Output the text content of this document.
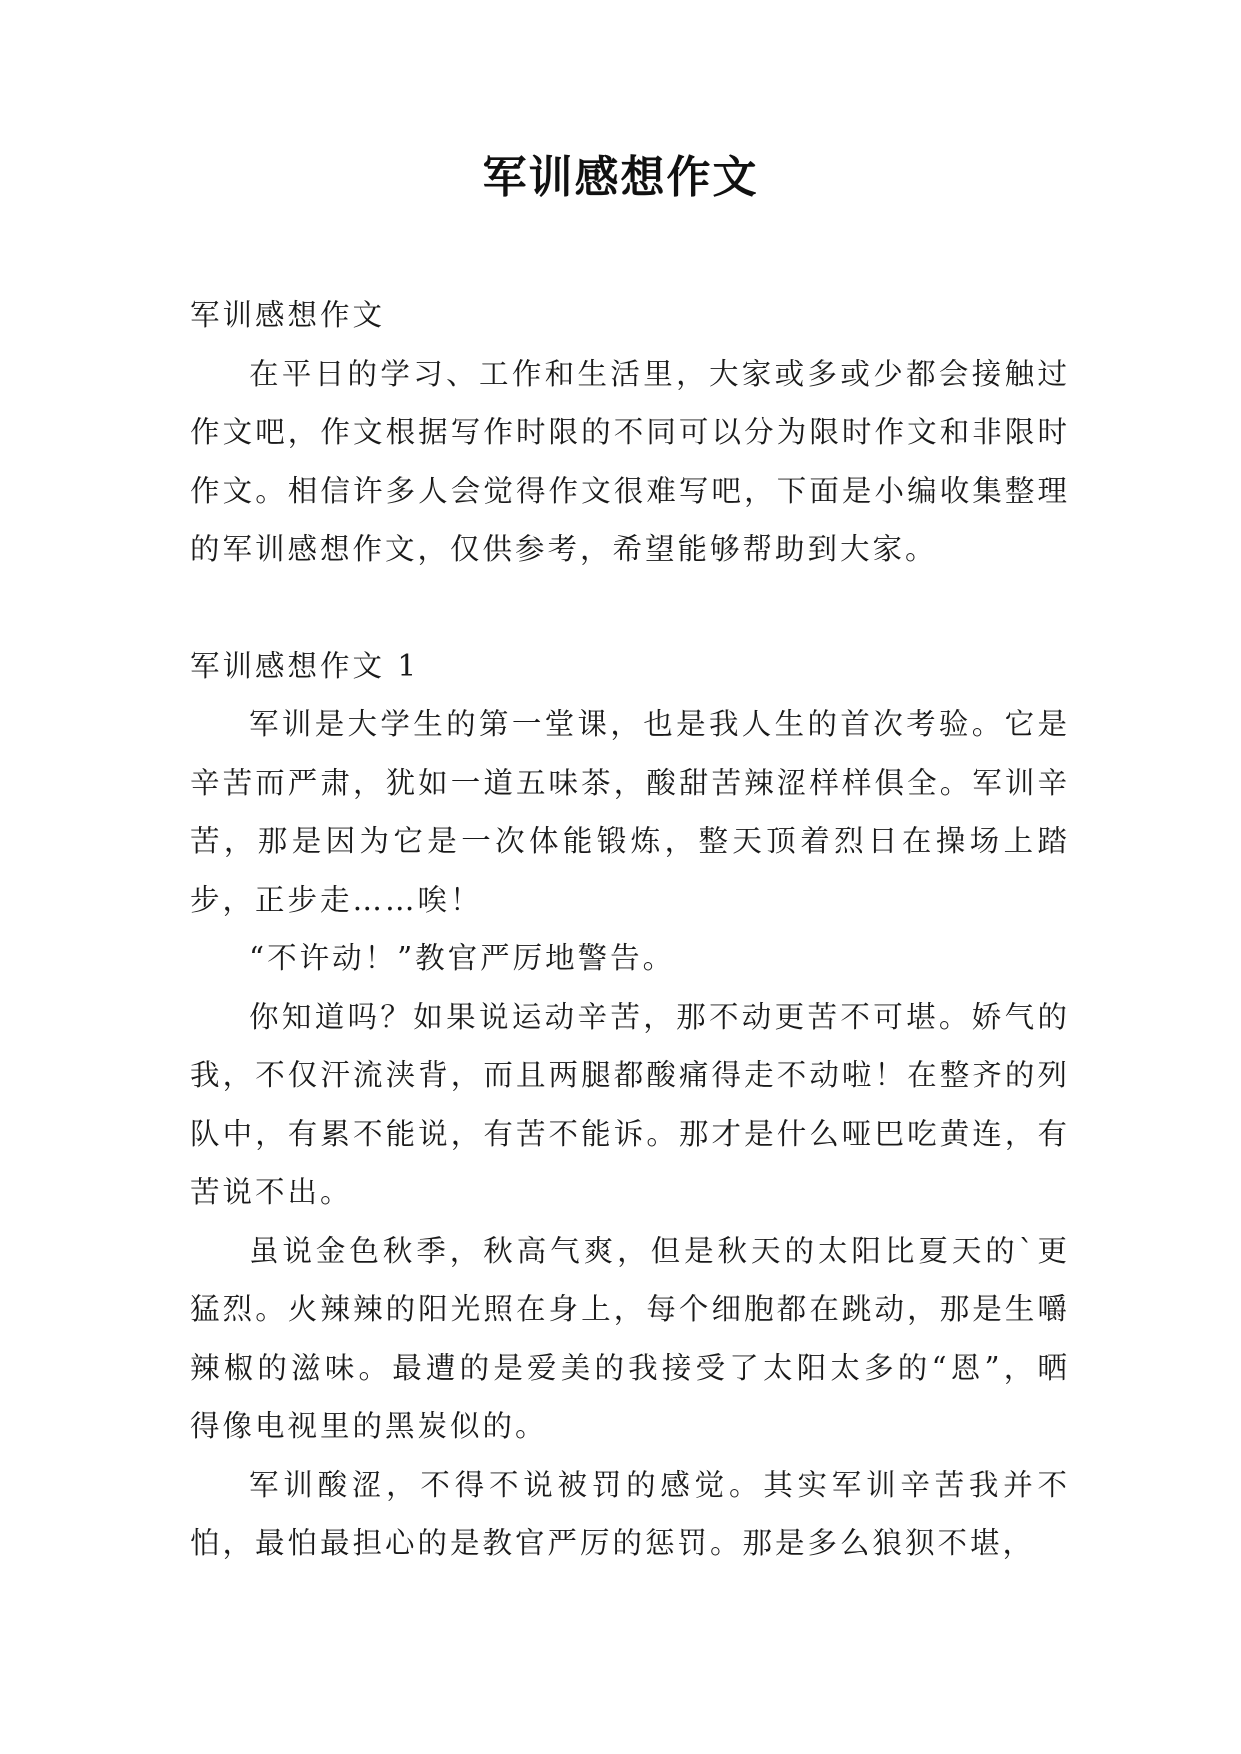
军训感想作文

军训感想作文

在平日的学习、工作和生活里，大家或多或少都会接触过作文吧，作文根据写作时限的不同可以分为限时作文和非限时作文。相信许多人会觉得作文很难写吧，下面是小编收集整理的军训感想作文，仅供参考，希望能够帮助到大家。

军训感想作文 1

军训是大学生的第一堂课，也是我人生的首次考验。它是辛苦而严肃，犹如一道五味茶，酸甜苦辣涩样样俱全。军训辛苦，那是因为它是一次体能锻炼，整天顶着烈日在操场上踏步，正步走……唉！

“不许动！”教官严厉地警告。

你知道吗？如果说运动辛苦，那不动更苦不可堪。娇气的我，不仅汗流浃背，而且两腿都酸痛得走不动啦！在整齐的列队中，有累不能说，有苦不能诉。那才是什么哑巴吃黄连，有苦说不出。

虽说金色秋季，秋高气爽，但是秋天的太阳比夏天的`更猛烈。火辣辣的阳光照在身上，每个细胞都在跳动，那是生嚼辣椒的滋味。最遭的是爱美的我接受了太阳太多的“恩”，晒得像电视里的黑炭似的。

军训酸涩，不得不说被罚的感觉。其实军训辛苦我并不怕，最怕最担心的是教官严厉的惩罚。那是多么狼狈不堪，
